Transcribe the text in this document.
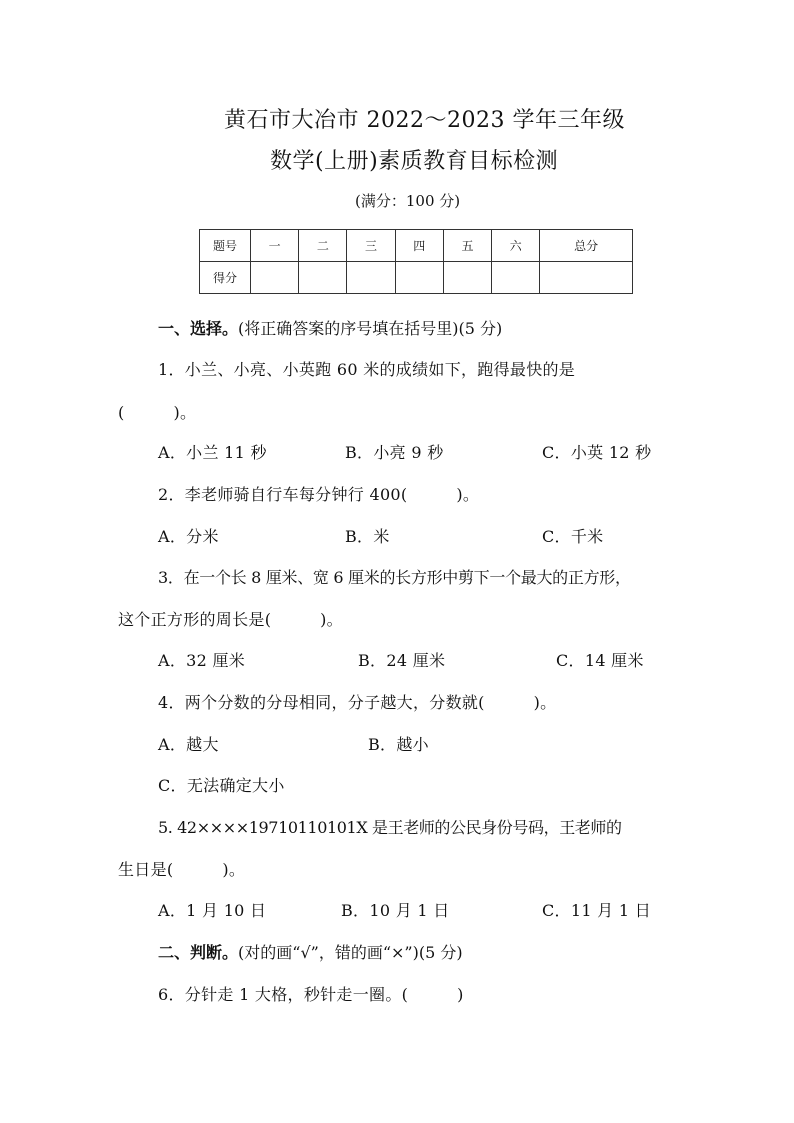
黄石市大冶市 2022～2023 学年三年级
数学(上册)素质教育目标检测
(满分：100 分)
题号	一	二	三	四	五	六	总分
得分							
一、选择。(将正确答案的序号填在括号里)(5 分)
1．小兰、小亮、小英跑 60 米的成绩如下，跑得最快的是
(　　　)。
A．小兰 11 秒	B．小亮 9 秒	C．小英 12 秒
2．李老师骑自行车每分钟行 400(　　　)。
A．分米	B．米	C．千米
3．在一个长 8 厘米、宽 6 厘米的长方形中剪下一个最大的正方形，
这个正方形的周长是(　　　)。
A．32 厘米	B．24 厘米	C．14 厘米
4．两个分数的分母相同，分子越大，分数就(　　　)。
A．越大	B．越小
C．无法确定大小
5. 42××××19710110101X 是王老师的公民身份号码，王老师的
生日是(　　　)。
A．1 月 10 日	B．10 月 1 日	C．11 月 1 日
二、判断。(对的画“√”，错的画“×”)(5 分)
6．分针走 1 大格，秒针走一圈。(　　　)
